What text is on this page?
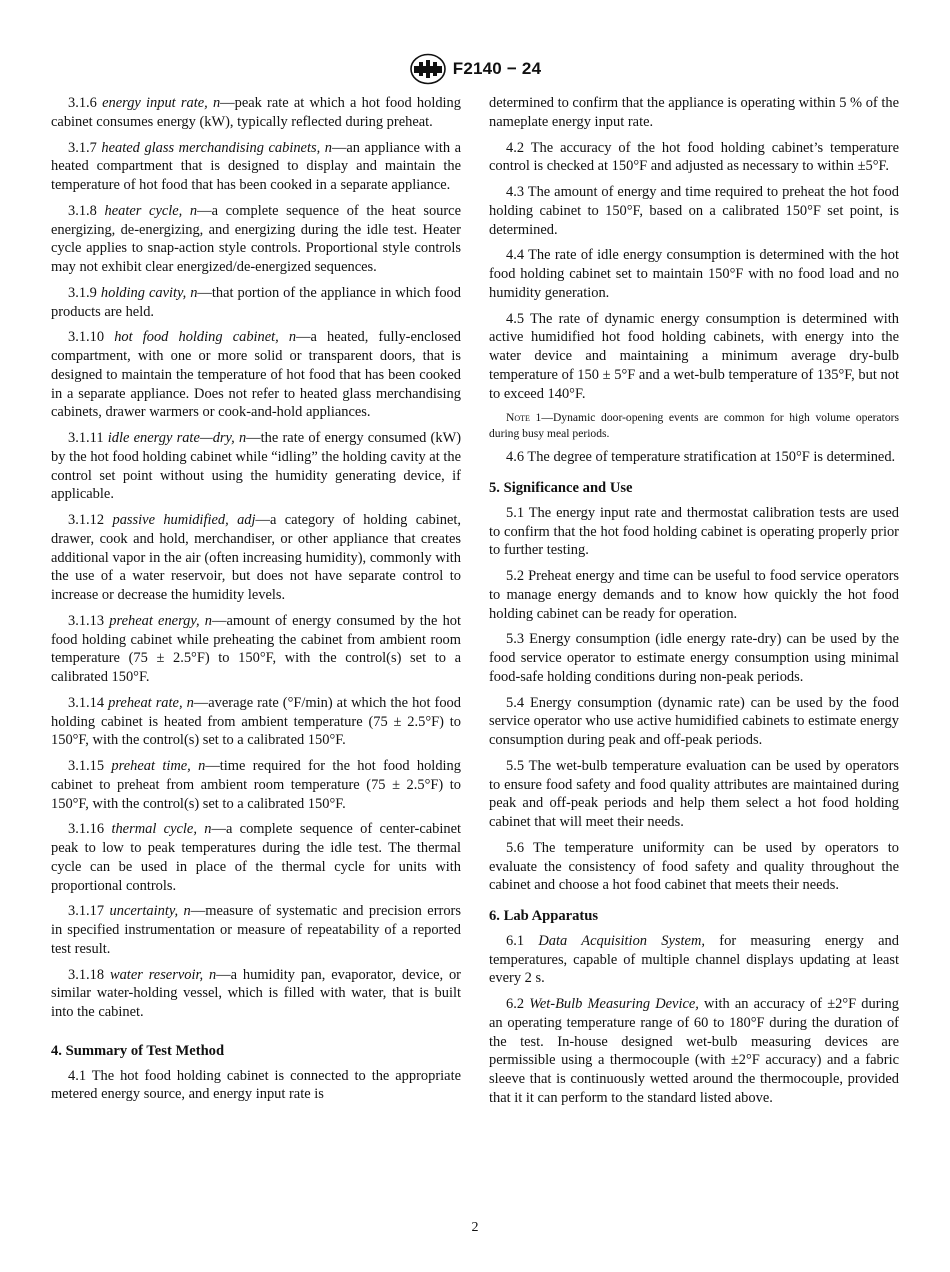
F2140 − 24

3.1.6 energy input rate, n—peak rate at which a hot food holding cabinet consumes energy (kW), typically reflected during preheat.

3.1.7 heated glass merchandising cabinets, n—an appliance with a heated compartment that is designed to display and maintain the temperature of hot food that has been cooked in a separate appliance.

3.1.8 heater cycle, n—a complete sequence of the heat source energizing, de-energizing, and energizing during the idle test. Heater cycle applies to snap-action style controls. Proportional style controls may not exhibit clear energized/de-energized sequences.

3.1.9 holding cavity, n—that portion of the appliance in which food products are held.

3.1.10 hot food holding cabinet, n—a heated, fully-enclosed compartment, with one or more solid or transparent doors, that is designed to maintain the temperature of hot food that has been cooked in a separate appliance. Does not refer to heated glass merchandising cabinets, drawer warmers or cook-and-hold appliances.

3.1.11 idle energy rate—dry, n—the rate of energy consumed (kW) by the hot food holding cabinet while “idling” the holding cavity at the control set point without using the humidity generating device, if applicable.

3.1.12 passive humidified, adj—a category of holding cabinet, drawer, cook and hold, merchandiser, or other appliance that creates additional vapor in the air (often increasing humidity), commonly with the use of a water reservoir, but does not have separate control to increase or decrease the humidity levels.

3.1.13 preheat energy, n—amount of energy consumed by the hot food holding cabinet while preheating the cabinet from ambient room temperature (75 ± 2.5°F) to 150°F, with the control(s) set to a calibrated 150°F.

3.1.14 preheat rate, n—average rate (°F/min) at which the hot food holding cabinet is heated from ambient temperature (75 ± 2.5°F) to 150°F, with the control(s) set to a calibrated 150°F.

3.1.15 preheat time, n—time required for the hot food holding cabinet to preheat from ambient room temperature (75 ± 2.5°F) to 150°F, with the control(s) set to a calibrated 150°F.

3.1.16 thermal cycle, n—a complete sequence of center-cabinet peak to low to peak temperatures during the idle test. The thermal cycle can be used in place of the thermal cycle for units with proportional controls.

3.1.17 uncertainty, n—measure of systematic and precision errors in specified instrumentation or measure of repeatability of a reported test result.

3.1.18 water reservoir, n—a humidity pan, evaporator, device, or similar water-holding vessel, which is filled with water, that is built into the cabinet.

4. Summary of Test Method

4.1 The hot food holding cabinet is connected to the appropriate metered energy source, and energy input rate is

determined to confirm that the appliance is operating within 5 % of the nameplate energy input rate.

4.2 The accuracy of the hot food holding cabinet’s temperature control is checked at 150°F and adjusted as necessary to within ±5°F.

4.3 The amount of energy and time required to preheat the hot food holding cabinet to 150°F, based on a calibrated 150°F set point, is determined.

4.4 The rate of idle energy consumption is determined with the hot food holding cabinet set to maintain 150°F with no food load and no humidity generation.

4.5 The rate of dynamic energy consumption is determined with active humidified hot food holding cabinets, with energy into the water device and maintaining a minimum average dry-bulb temperature of 150 ± 5°F and a wet-bulb temperature of 135°F, but not to exceed 140°F.

Note 1—Dynamic door-opening events are common for high volume operators during busy meal periods.

4.6 The degree of temperature stratification at 150°F is determined.

5. Significance and Use

5.1 The energy input rate and thermostat calibration tests are used to confirm that the hot food holding cabinet is operating properly prior to further testing.

5.2 Preheat energy and time can be useful to food service operators to manage energy demands and to know how quickly the hot food holding cabinet can be ready for operation.

5.3 Energy consumption (idle energy rate-dry) can be used by the food service operator to estimate energy consumption using minimal food-safe holding conditions during non-peak periods.

5.4 Energy consumption (dynamic rate) can be used by the food service operator who use active humidified cabinets to estimate energy consumption during peak and off-peak periods.

5.5 The wet-bulb temperature evaluation can be used by operators to ensure food safety and food quality attributes are maintained during peak and off-peak periods and help them select a hot food holding cabinet that will meet their needs.

5.6 The temperature uniformity can be used by operators to evaluate the consistency of food safety and quality throughout the cabinet and choose a hot food cabinet that meets their needs.

6. Lab Apparatus

6.1 Data Acquisition System, for measuring energy and temperatures, capable of multiple channel displays updating at least every 2 s.

6.2 Wet-Bulb Measuring Device, with an accuracy of ±2°F during an operating temperature range of 60 to 180°F during the duration of the test. In-house designed wet-bulb measuring devices are permissible using a thermocouple (with ±2°F accuracy) and a fabric sleeve that is continuously wetted around the thermocouple, provided that it it can perform to the standard listed above.

2
